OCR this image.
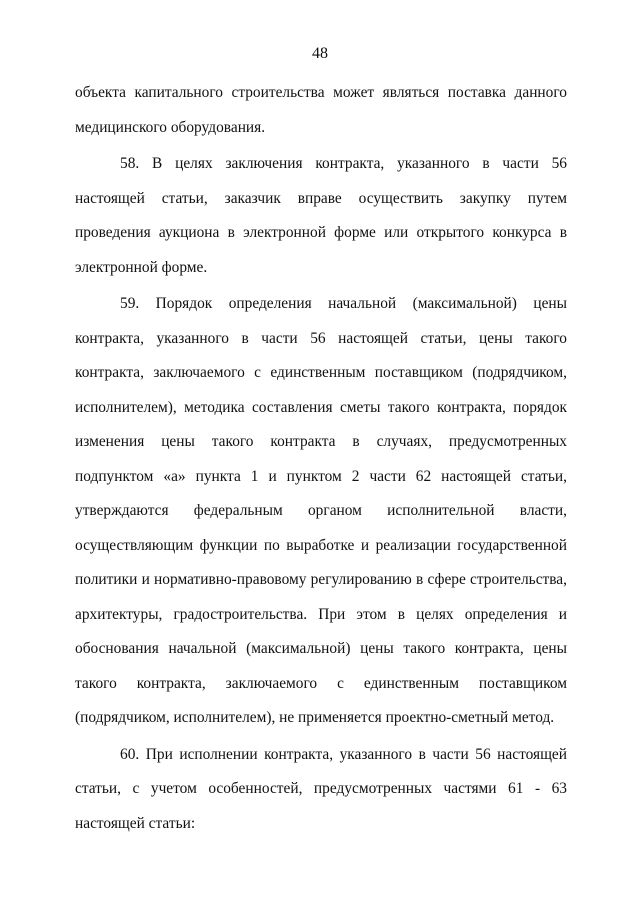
48

объекта капитального строительства может являться поставка данного медицинского оборудования.

58. В целях заключения контракта, указанного в части 56 настоящей статьи, заказчик вправе осуществить закупку путем проведения аукциона в электронной форме или открытого конкурса в электронной форме.

59. Порядок определения начальной (максимальной) цены контракта, указанного в части 56 настоящей статьи, цены такого контракта, заключаемого с единственным поставщиком (подрядчиком, исполнителем), методика составления сметы такого контракта, порядок изменения цены такого контракта в случаях, предусмотренных подпунктом «а» пункта 1 и пунктом 2 части 62 настоящей статьи, утверждаются федеральным органом исполнительной власти, осуществляющим функции по выработке и реализации государственной политики и нормативно-правовому регулированию в сфере строительства, архитектуры, градостроительства. При этом в целях определения и обоснования начальной (максимальной) цены такого контракта, цены такого контракта, заключаемого с единственным поставщиком (подрядчиком, исполнителем), не применяется проектно-сметный метод.

60. При исполнении контракта, указанного в части 56 настоящей статьи, с учетом особенностей, предусмотренных частями 61 - 63 настоящей статьи:
